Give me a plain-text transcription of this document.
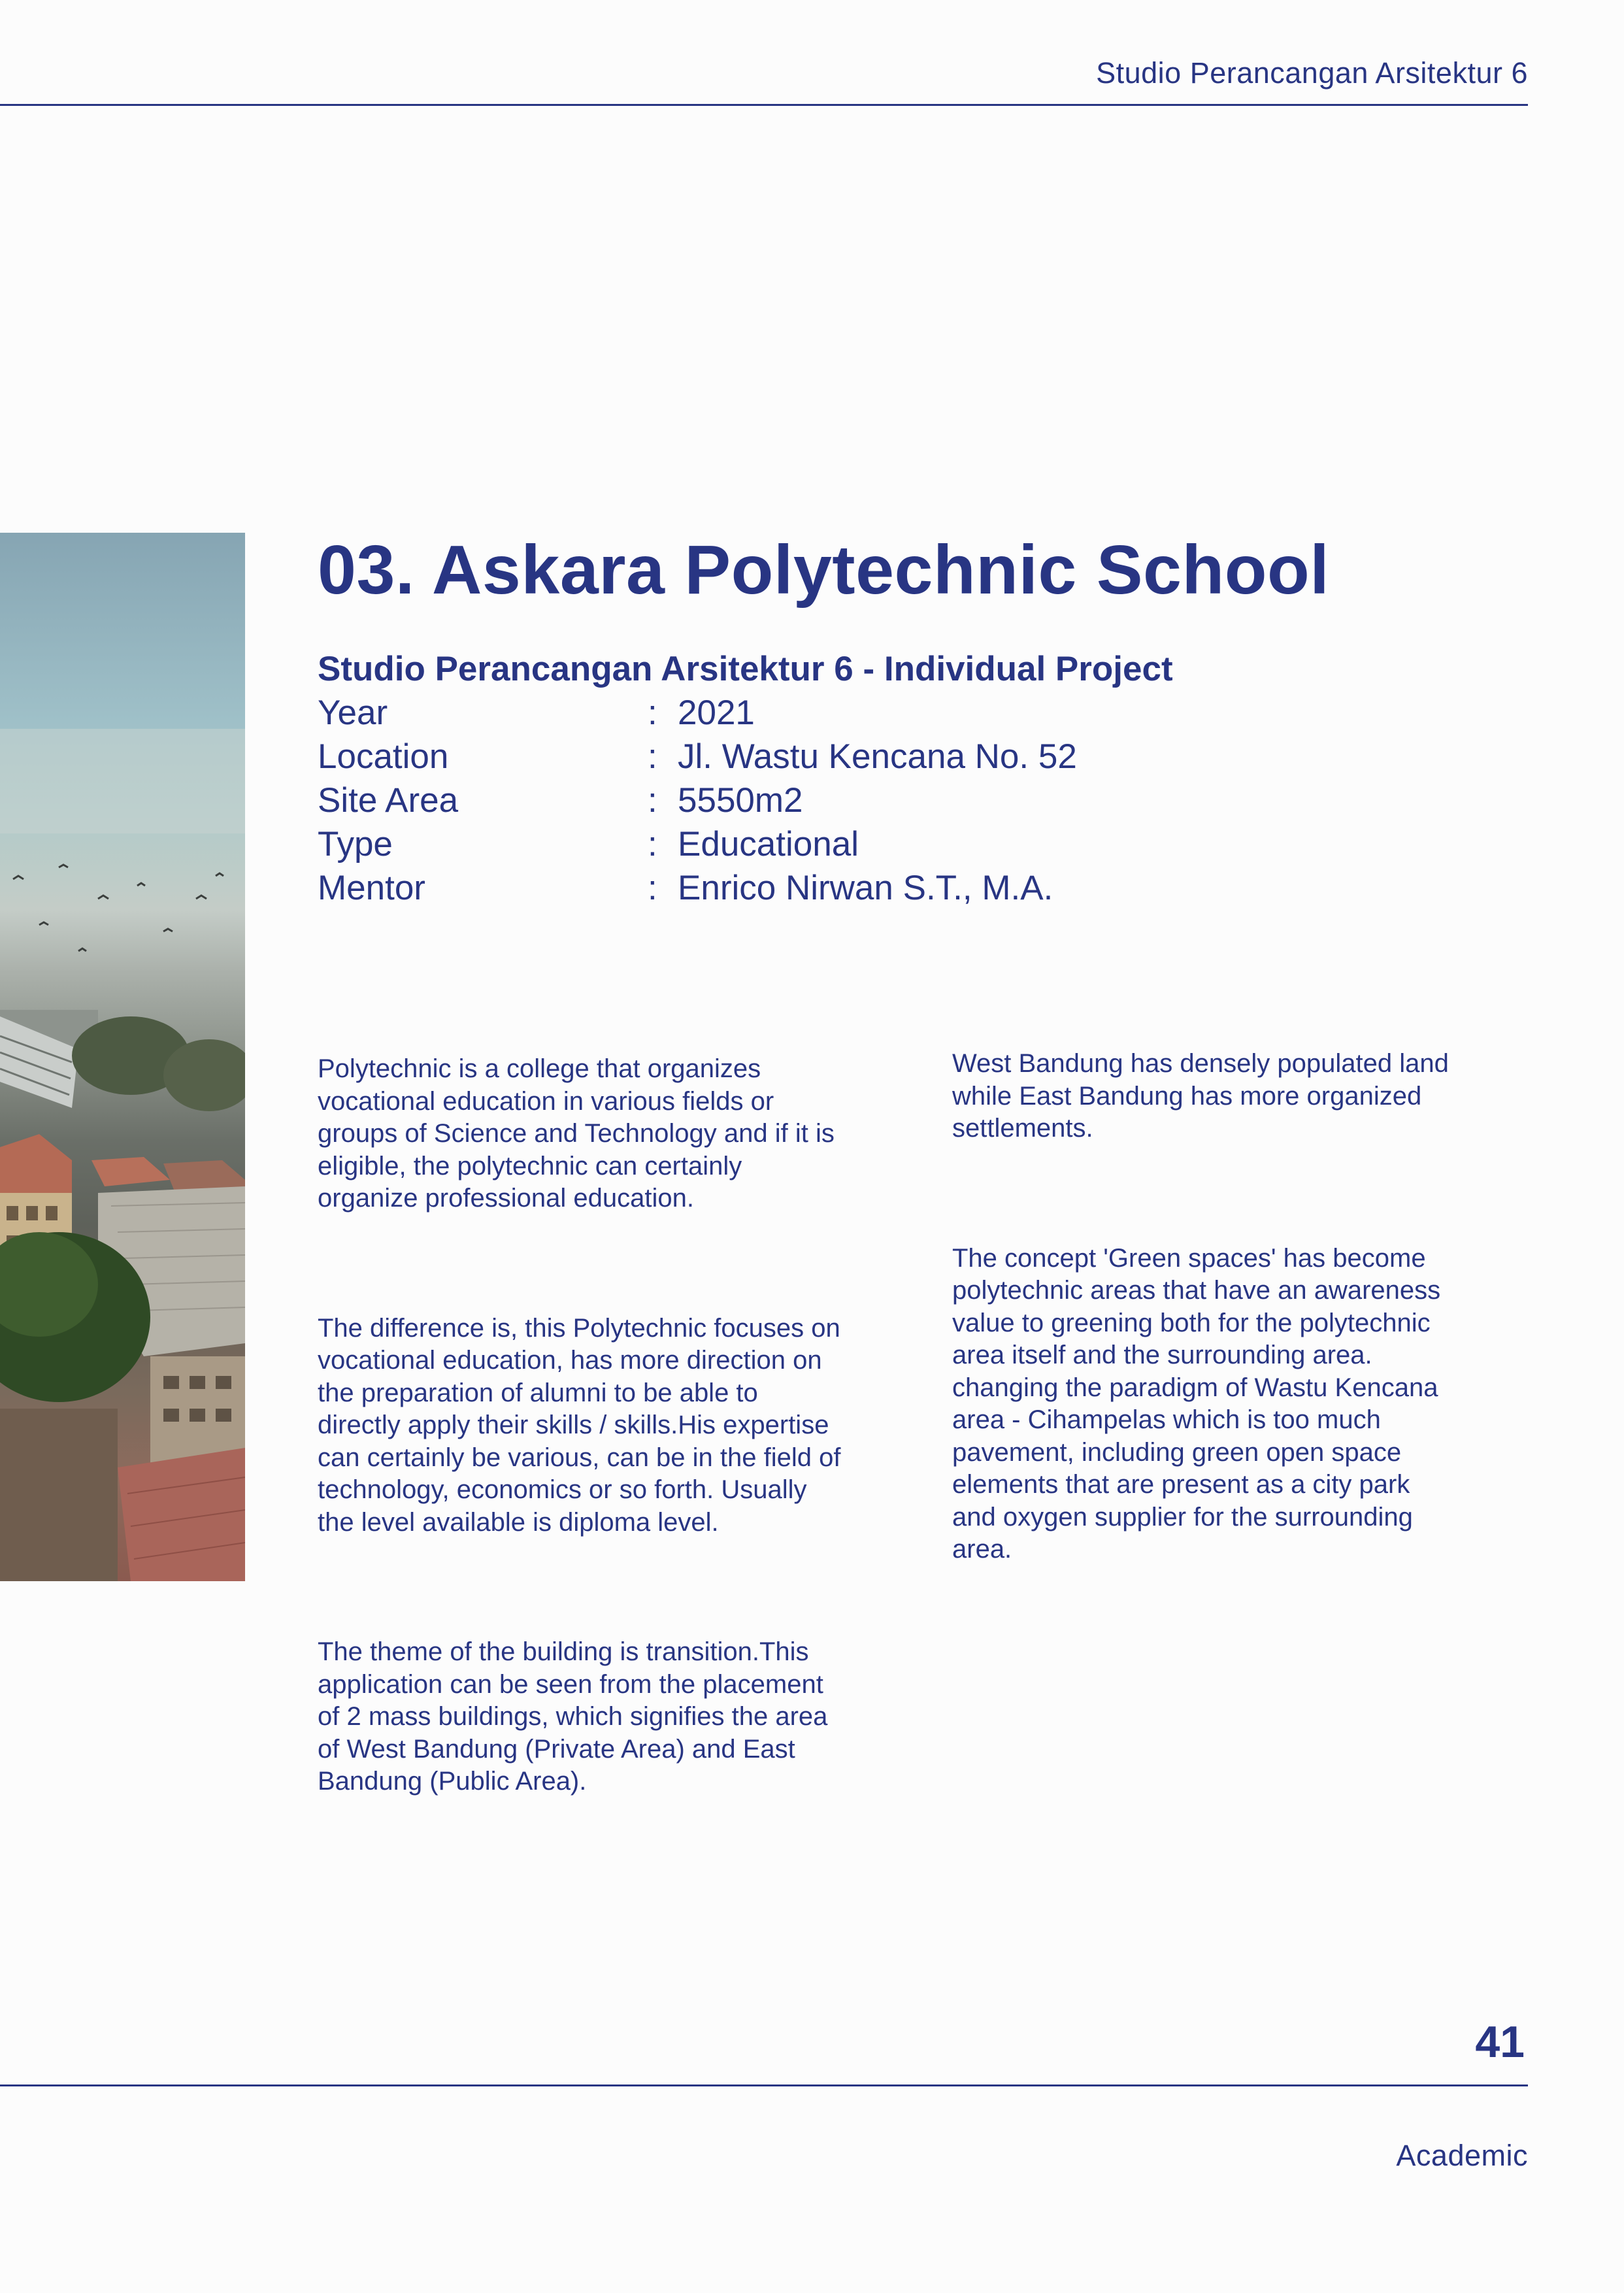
Studio Perancangan Arsitektur 6
03. Askara Polytechnic School
Studio Perancangan Arsitektur 6 - Individual Project
Year	: 2021
Location	: Jl. Wastu Kencana No. 52
Site Area	: 5550m2
Type	: Educational
Mentor	: Enrico Nirwan S.T., M.A.

Polytechnic is a college that organizes
vocational education in various fields or
groups of Science and Technology and if it is
eligible, the polytechnic can certainly
organize professional education.

The difference is, this Polytechnic focuses on
vocational education, has more direction on
the preparation of alumni to be able to
directly apply their skills / skills.His expertise
can certainly be various, can be in the field of
technology, economics or so forth. Usually
the level available is diploma level.

The theme of the building is transition.This
application can be seen from the placement
of 2 mass buildings, which signifies the area
of West Bandung (Private Area) and East
Bandung (Public Area).

West Bandung has densely populated land
while East Bandung has more organized
settlements.

The concept 'Green spaces' has become
polytechnic areas that have an awareness
value to greening both for the polytechnic
area itself and the surrounding area.
changing the paradigm of Wastu Kencana
area - Cihampelas which is too much
pavement, including green open space
elements that are present as a city park
and oxygen supplier for the surrounding
area.

41
Academic
